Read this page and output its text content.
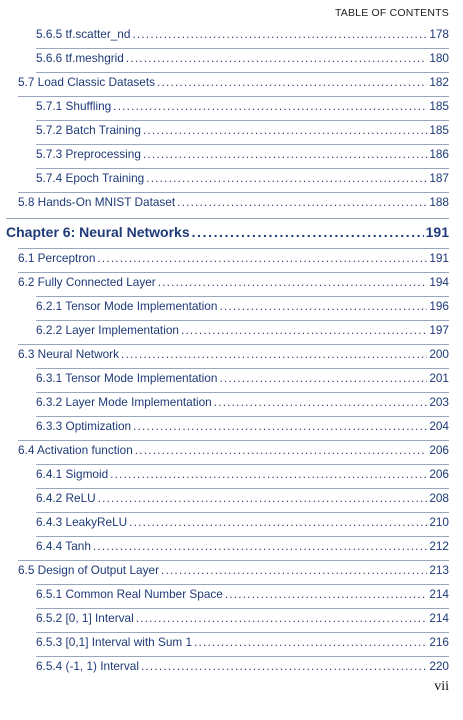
TABLE OF CONTENTS
5.6.5 tf.scatter_nd .....	178
5.6.6 tf.meshgrid .....	180
5.7 Load Classic Datasets .....	182
5.7.1 Shuffling .....	185
5.7.2 Batch Training .....	185
5.7.3 Preprocessing .....	186
5.7.4 Epoch Training .....	187
5.8 Hands-On MNIST Dataset .....	188
Chapter 6: Neural Networks .....	191
6.1 Perceptron .....	191
6.2 Fully Connected Layer .....	194
6.2.1 Tensor Mode Implementation .....	196
6.2.2 Layer Implementation .....	197
6.3 Neural Network .....	200
6.3.1 Tensor Mode Implementation .....	201
6.3.2 Layer Mode Implementation .....	203
6.3.3 Optimization .....	204
6.4 Activation function .....	206
6.4.1 Sigmoid .....	206
6.4.2 ReLU .....	208
6.4.3 LeakyReLU .....	210
6.4.4 Tanh .....	212
6.5 Design of Output Layer .....	213
6.5.1 Common Real Number Space .....	214
6.5.2 [0, 1] Interval .....	214
6.5.3 [0,1] Interval with Sum 1 .....	216
6.5.4 (-1, 1) Interval .....	220
vii
